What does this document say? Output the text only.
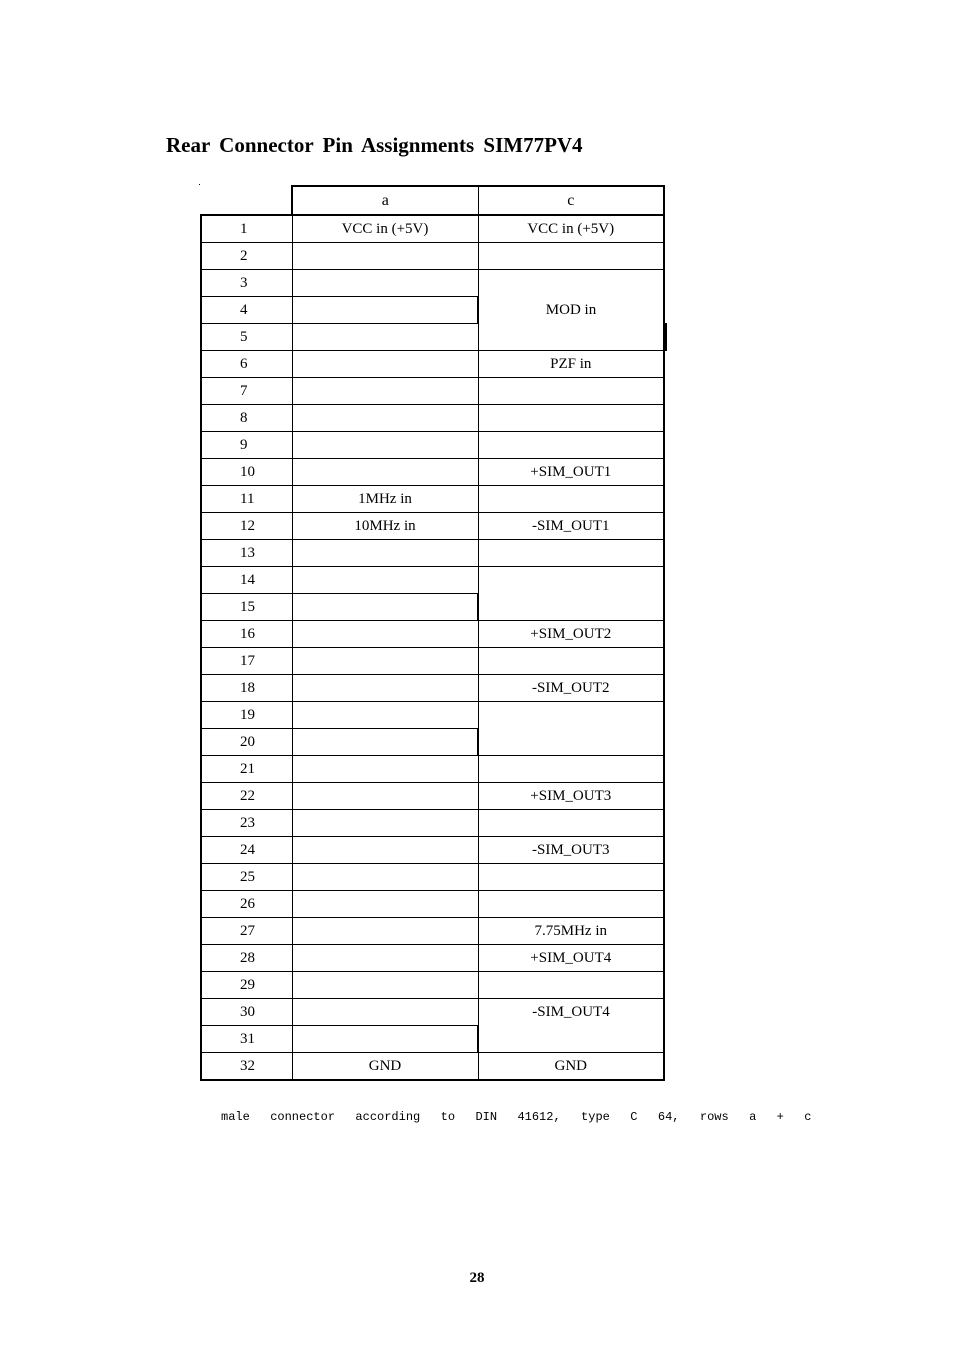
Rear Connector Pin Assignments SIM77PV4
	a	c	
1	VCC in (+5V)	VCC in (+5V)	
2			
3		MOD in	
4			
5			
6		PZF in	
7			
8			
9			
10		+SIM_OUT1	
11	1MHz in		
12	10MHz in	-SIM_OUT1	
13			
14			
15			
16		+SIM_OUT2	
17			
18		-SIM_OUT2	
19			
20			
21			
22		+SIM_OUT3	
23			
24		-SIM_OUT3	
25			
26			
27		7.75MHz in	
28		+SIM_OUT4	
29			
30		-SIM_OUT4	
31			
32	GND	GND	
male  connector  according  to  DIN  41612,  type  C  64,  rows  a  +  c
28
